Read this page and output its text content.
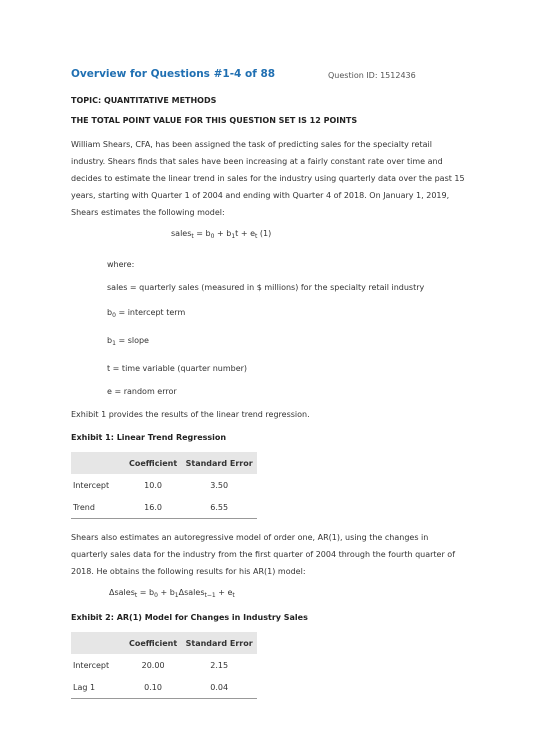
Overview for Questions #1-4 of 88	Question ID: 1512436
TOPIC: QUANTITATIVE METHODS
THE TOTAL POINT VALUE FOR THIS QUESTION SET IS 12 POINTS

William Shears, CFA, has been assigned the task of predicting sales for the specialty retail industry. Shears finds that sales have been increasing at a fairly constant rate over time and decides to estimate the linear trend in sales for the industry using quarterly data over the past 15 years, starting with Quarter 1 of 2004 and ending with Quarter 4 of 2018. On January 1, 2019, Shears estimates the following model:

sales$_t$ = $b_0 + b_1t + e_t$ (1)
where:
sales = quarterly sales (measured in $ millions) for the specialty retail industry
$b_0$ = intercept term
$b_1$ = slope
t = time variable (quarter number)
e = random error
Exhibit 1 provides the results of the linear trend regression.
Exhibit 1: Linear Trend Regression
	Coefficient	Standard Error
Intercept	10.0	3.50
Trend	16.0	6.55

Shears also estimates an autoregressive model of order one, AR(1), using the changes in quarterly sales data for the industry from the first quarter of 2004 through the fourth quarter of 2018. He obtains the following results for his AR(1) model:

Δsales$_t$ = $b_0$ + $b_1\Delta sales_{t-1} + e_t$
Exhibit 2: AR(1) Model for Changes in Industry Sales
	Coefficient	Standard Error
Intercept	20.00	2.15
Lag 1	0.10	0.04
